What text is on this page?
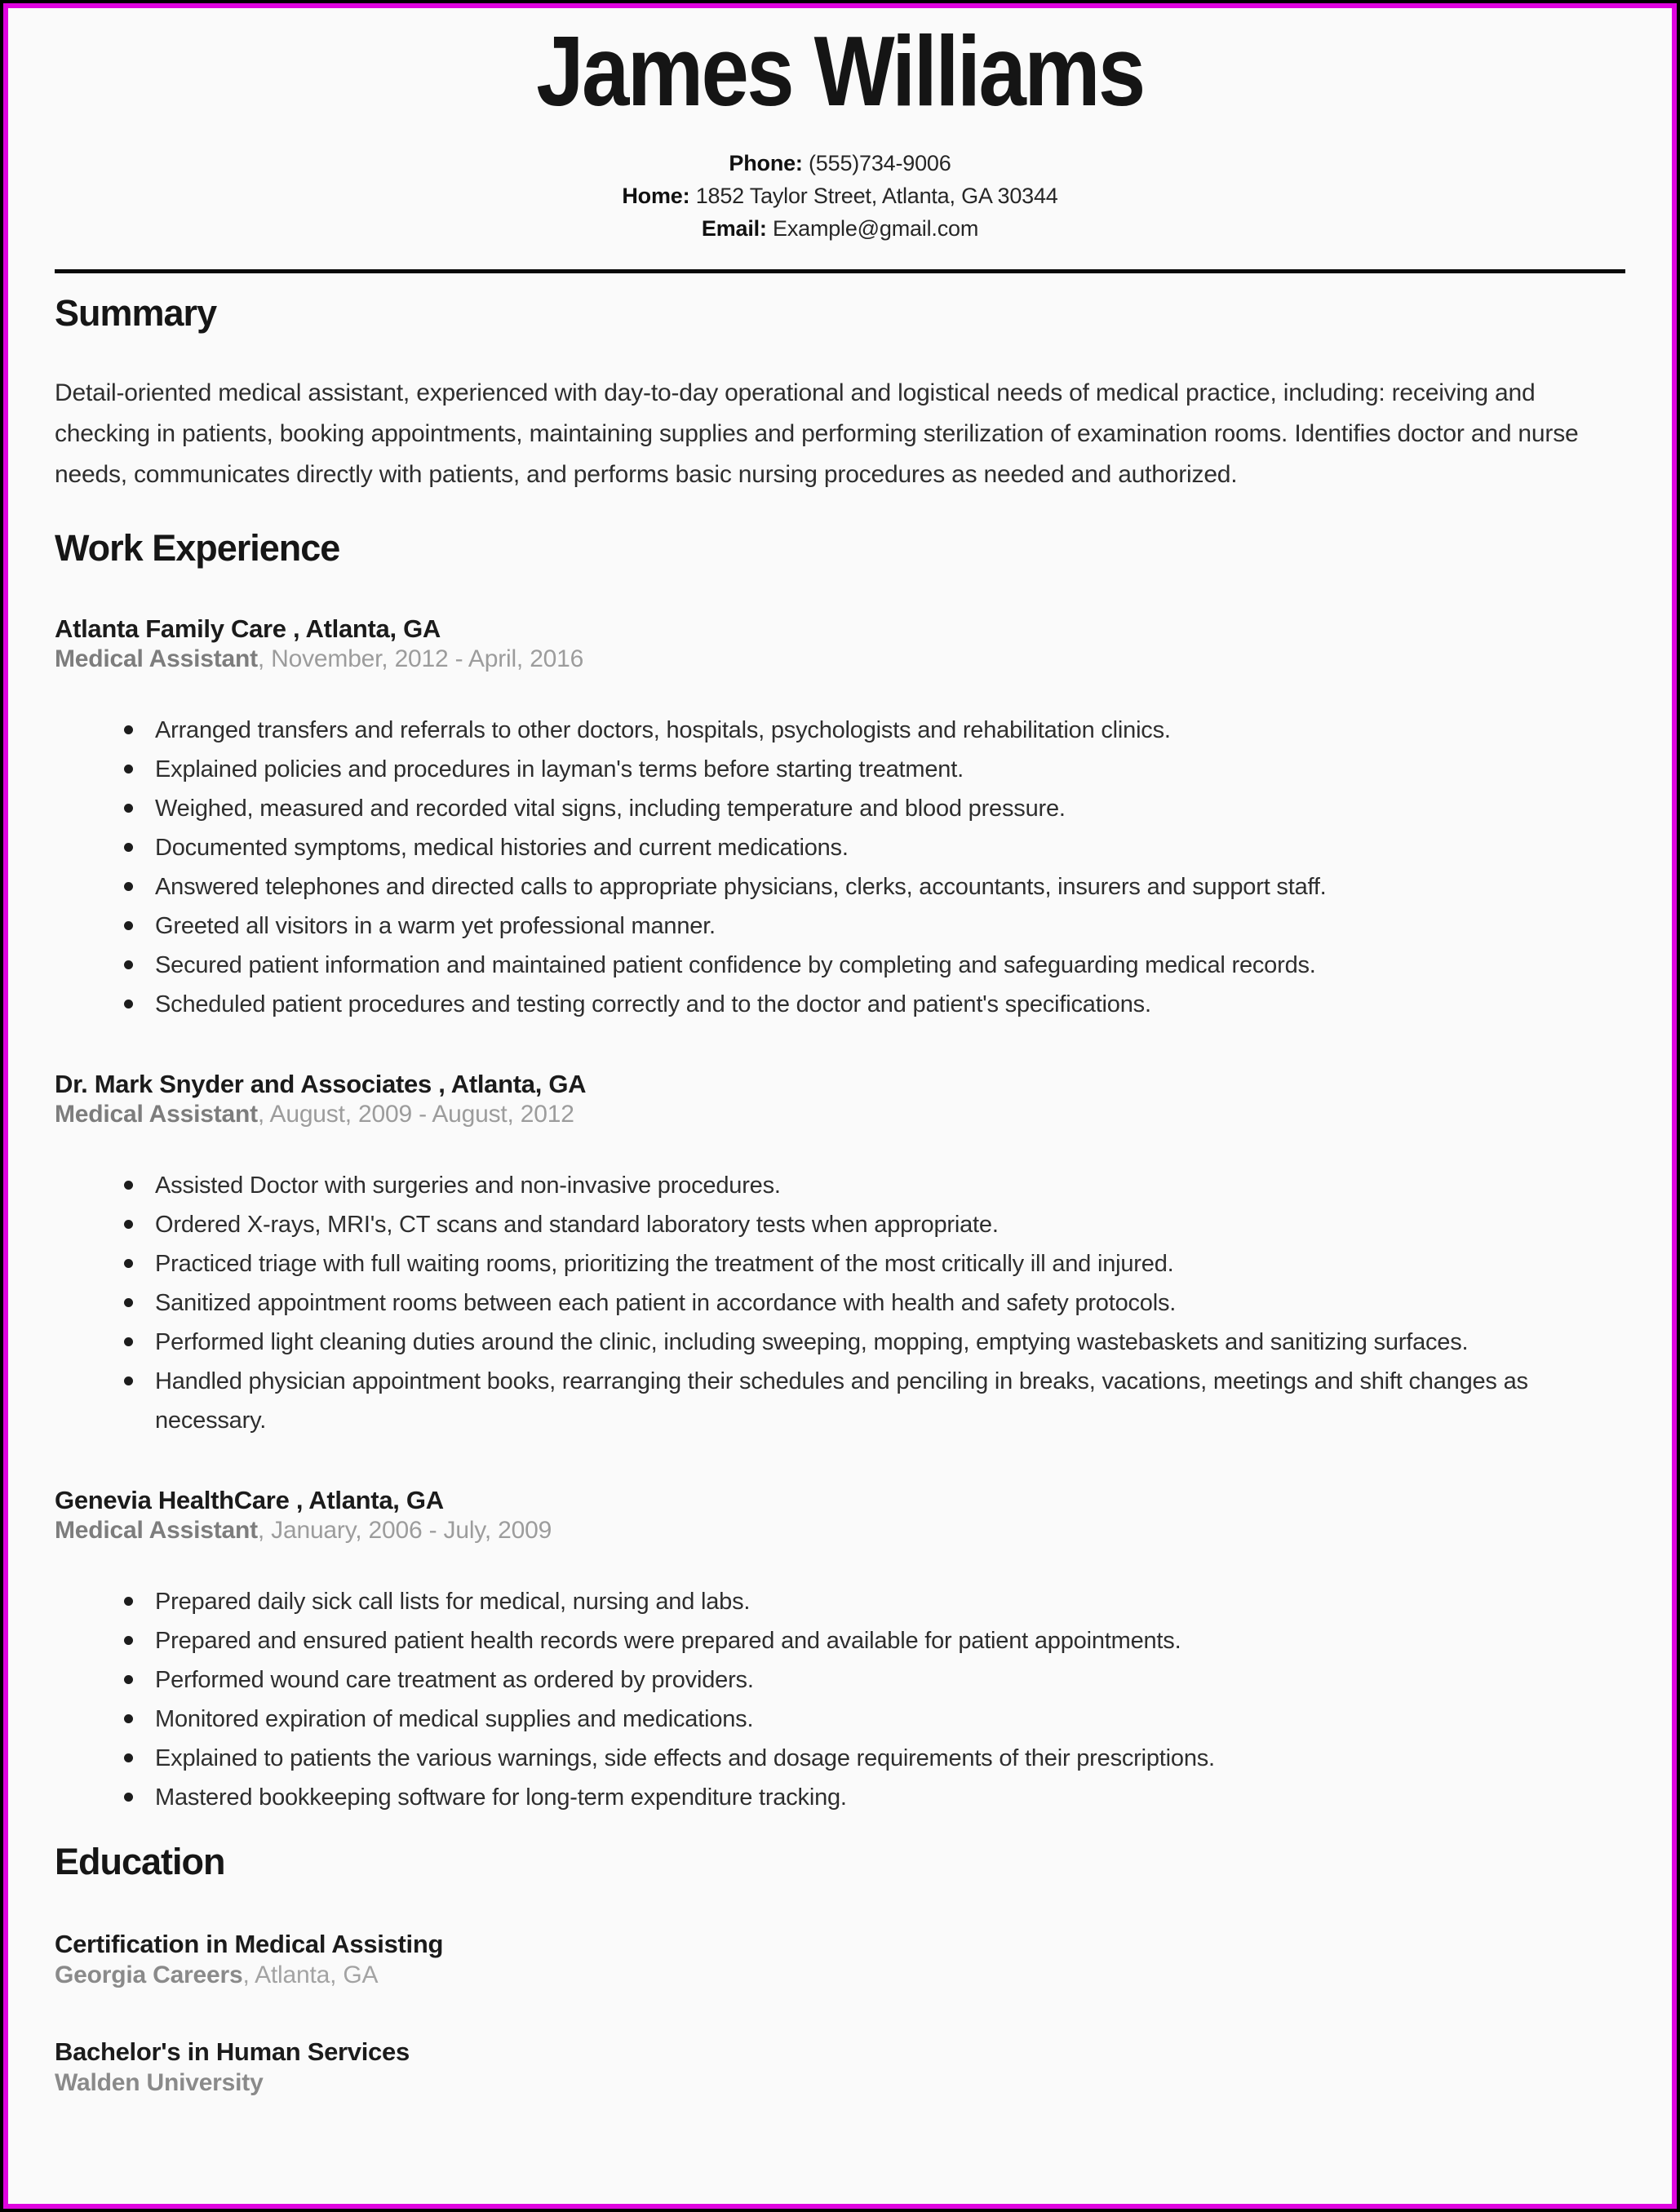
James Williams
Phone: (555)734-9006
Home: 1852 Taylor Street, Atlanta, GA 30344
Email: Example@gmail.com
Summary

Detail-oriented medical assistant, experienced with day-to-day operational and logistical needs of medical practice, including: receiving and checking in patients, booking appointments, maintaining supplies and performing sterilization of examination rooms. Identifies doctor and nurse needs, communicates directly with patients, and performs basic nursing procedures as needed and authorized.

Work Experience
Atlanta Family Care , Atlanta, GA

Medical Assistant, November, 2012 - April, 2016

Arranged transfers and referrals to other doctors, hospitals, psychologists and rehabilitation clinics.
Explained policies and procedures in layman's terms before starting treatment.
Weighed, measured and recorded vital signs, including temperature and blood pressure.
Documented symptoms, medical histories and current medications.
Answered telephones and directed calls to appropriate physicians, clerks, accountants, insurers and support staff.
Greeted all visitors in a warm yet professional manner.
Secured patient information and maintained patient confidence by completing and safeguarding medical records.
Scheduled patient procedures and testing correctly and to the doctor and patient's specifications.
Dr. Mark Snyder and Associates , Atlanta, GA

Medical Assistant, August, 2009 - August, 2012

Assisted Doctor with surgeries and non-invasive procedures.
Ordered X-rays, MRI's, CT scans and standard laboratory tests when appropriate.
Practiced triage with full waiting rooms, prioritizing the treatment of the most critically ill and injured.
Sanitized appointment rooms between each patient in accordance with health and safety protocols.
Performed light cleaning duties around the clinic, including sweeping, mopping, emptying wastebaskets and sanitizing surfaces.
Handled physician appointment books, rearranging their schedules and penciling in breaks, vacations, meetings and shift changes as necessary.
Genevia HealthCare , Atlanta, GA

Medical Assistant, January, 2006 - July, 2009

Prepared daily sick call lists for medical, nursing and labs.
Prepared and ensured patient health records were prepared and available for patient appointments.
Performed wound care treatment as ordered by providers.
Monitored expiration of medical supplies and medications.
Explained to patients the various warnings, side effects and dosage requirements of their prescriptions.
Mastered bookkeeping software for long-term expenditure tracking.
Education
Certification in Medical Assisting

Georgia Careers, Atlanta, GA

Bachelor's in Human Services

Walden University
